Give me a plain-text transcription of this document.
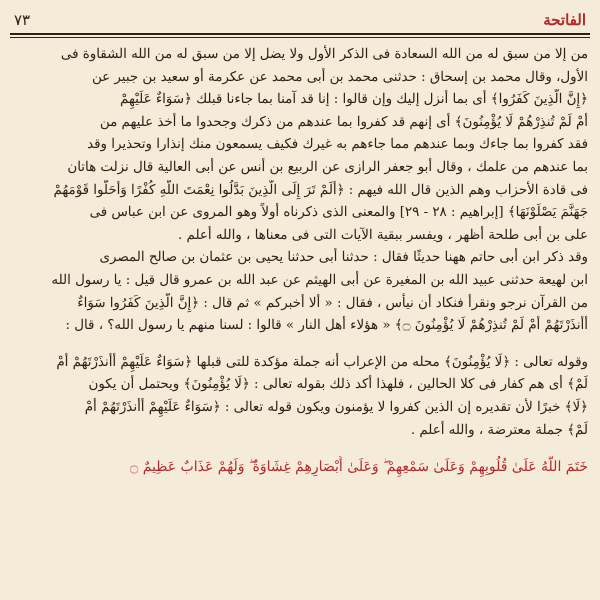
الفاتحة
٧٣
من إلا من سبق له من الله السعادة فى الذكر الأول ولا يضل إلا من سبق له من الله الشقاوة فى
الأول، وقال محمد بن إسحاق : حدثنى محمد بن أبى محمد عن عكرمة أو سعيد بن جبير عن
﴿إِنَّ الَّذِينَ كَفَرُوا﴾ أى بما أنزل إليك وإن قالوا : إنا قد آمنا بما جاءنا قبلك ﴿سَوَاءٌ عَلَيْهِمْ
أَمْ لَمْ تُنذِرْهُمْ لَا يُؤْمِنُونَ﴾ أى إنهم قد كفروا بما عندهم من ذكرك وجحدوا ما أخذ عليهم من
فقد كفروا بما جاءك وبما عندهم مما جاءهم به غيرك فكيف يسمعون منك إنذارا وتحذيرا وقد
بما عندهم من علمك ، وقال أبو جعفر الرازى عن الربيع بن أنس عن أبى العالية قال نزلت هاتان
فى قادة الأحزاب وهم الذين قال الله فيهم : ﴿أَلَمْ تَرَ إِلَى الَّذِينَ بَدَّلُوا نِعْمَتَ اللَّهِ كُفْرًا وَأَحَلُّوا قَوْمَهُمْ
جَهَنَّمَ يَصْلَوْنَهَا﴾ [إبراهيم : ٢٨ - ٢٩] والمعنى الذى ذكرناه أولاً وهو المروى عن ابن عباس فى
على بن أبى طلحة أظهر ، ويفسر ببقية الآيات التى فى معناها ، والله أعلم .
وقد ذكر ابن أبى حاتم ههنا حديثًا فقال : حدثنا أبى حدثنا يحيى بن عثمان بن صالح المصرى
ابن لهيعة حدثنى عبيد الله بن المغيرة عن أبى الهيثم عن عبد الله بن عمرو قال قيل : يا رسول الله
من القرآن نرجو ونقرأ فنكاد أن نيأس ، فقال : « ألا أخبركم » ثم قال : ﴿إِنَّ الَّذِينَ كَفَرُوا سَوَاءٌ
أَأَنذَرْتَهُمْ أَمْ لَمْ تُنذِرْهُمْ لَا يُؤْمِنُونَ ۝﴾ « هؤلاء أهل النار » قالوا : لسنا منهم يا رسول الله؟ ، قال :
وقوله تعالى : ﴿لَا يُؤْمِنُونَ﴾ محله من الإعراب أنه جملة مؤكدة للتى قبلها ﴿سَوَاءٌ عَلَيْهِمْ أَأَنذَرْتَهُمْ أَمْ
لَمْ﴾ أى هم كفار فى كلا الحالين ، فلهذا أكد ذلك بقوله تعالى : ﴿لَا يُؤْمِنُونَ﴾ ويحتمل أن يكون
﴿لَا﴾ خبرًا لأن تقديره إن الذين كفروا لا يؤمنون ويكون قوله تعالى : ﴿سَوَاءٌ عَلَيْهِمْ أَأَنذَرْتَهُمْ أَمْ
لَمْ﴾ جملة معترضة ، والله أعلم .
خَتَمَ اللَّهُ عَلَىٰ قُلُوبِهِمْ وَعَلَىٰ سَمْعِهِمْ ۖ وَعَلَىٰ أَبْصَارِهِمْ غِشَاوَةٌ ۖ وَلَهُمْ عَذَابٌ عَظِيمٌ ۝
